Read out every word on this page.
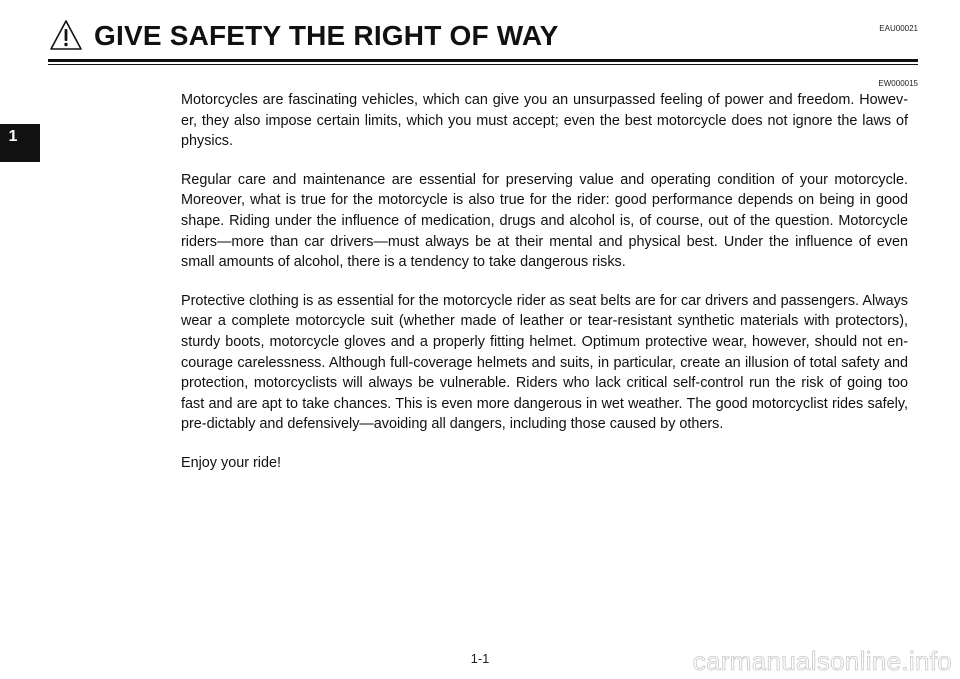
GIVE SAFETY THE RIGHT OF WAY	EAU00021
EW000015
1

Motorcycles are fascinating vehicles, which can give you an unsurpassed feeling of power and freedom. Howev-er, they also impose certain limits, which you must accept; even the best motorcycle does not ignore the laws of physics.

Regular care and maintenance are essential for preserving value and operating condition of your motorcycle. Moreover, what is true for the motorcycle is also true for the rider: good performance depends on being in good shape. Riding under the influence of medication, drugs and alcohol is, of course, out of the question. Motorcycle riders—more than car drivers—must always be at their mental and physical best. Under the influence of even small amounts of alcohol, there is a tendency to take dangerous risks.

Protective clothing is as essential for the motorcycle rider as seat belts are for car drivers and passengers. Always wear a complete motorcycle suit (whether made of leather or tear-resistant synthetic materials with protectors), sturdy boots, motorcycle gloves and a properly fitting helmet. Optimum protective wear, however, should not en-courage carelessness. Although full-coverage helmets and suits, in particular, create an illusion of total safety and protection, motorcyclists will always be vulnerable. Riders who lack critical self-control run the risk of going too fast and are apt to take chances. This is even more dangerous in wet weather. The good motorcyclist rides safely, pre-dictably and defensively—avoiding all dangers, including those caused by others.

Enjoy your ride!

1-1	carmanualsonline.info
